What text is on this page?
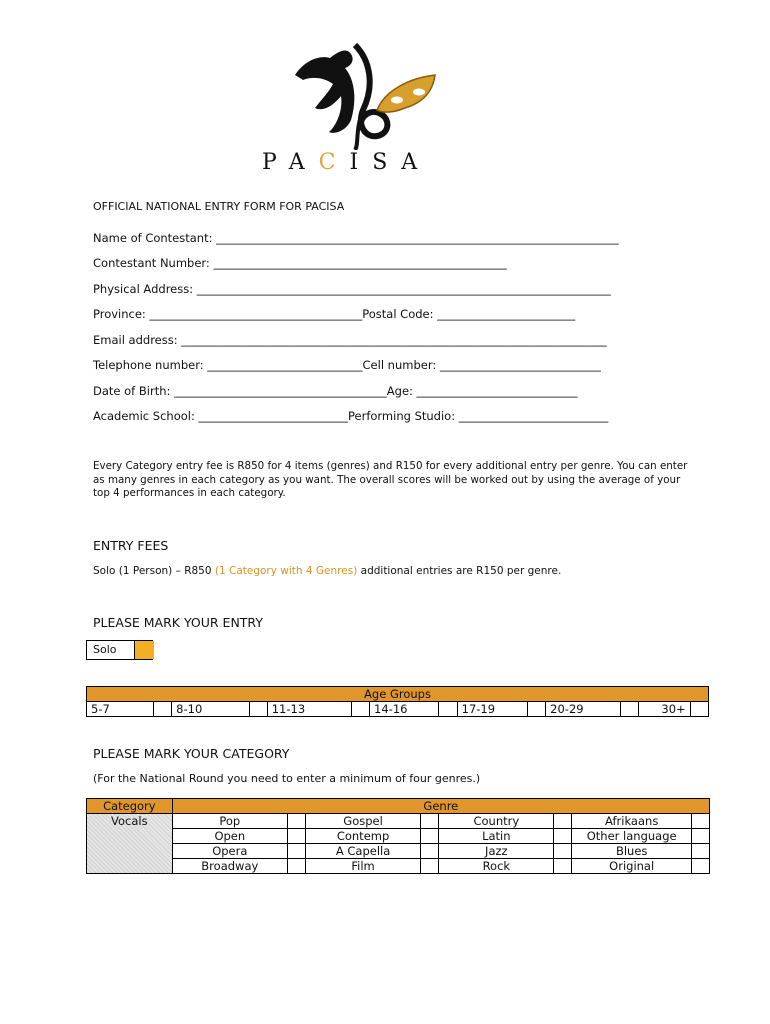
PACISA
OFFICIAL NATIONAL ENTRY FORM FOR PACISA
Name of Contestant: ______________________________________________________________________
Contestant Number: ___________________________________________________
Physical Address: ________________________________________________________________________
Province: _____________________________________Postal Code: ________________________
Email address: __________________________________________________________________________
Telephone number: ___________________________Cell number: ____________________________
Date of Birth: _____________________________________Age: ____________________________
Academic School: __________________________Performing Studio: __________________________
Every Category entry fee is R850 for 4 items (genres) and R150 for every additional entry per genre. You can enter as many genres in each category as you want. The overall scores will be worked out by using the average of your top 4 performances in each category.
ENTRY FEES
Solo (1 Person) – R850 (1 Category with 4 Genres) additional entries are R150 per genre.
PLEASE MARK YOUR ENTRY
Solo
Age Groups
5-7		8-10		11-13		14-16		17-19		20-29		30+	
PLEASE MARK YOUR CATEGORY
(For the National Round you need to enter a minimum of four genres.)
Category	Genre							
Vocals	Pop		Gospel		Country		Afrikaans	
	Open		Contemp		Latin		Other language	
	Opera		A Capella		Jazz		Blues	
	Broadway		Film		Rock		Original	
